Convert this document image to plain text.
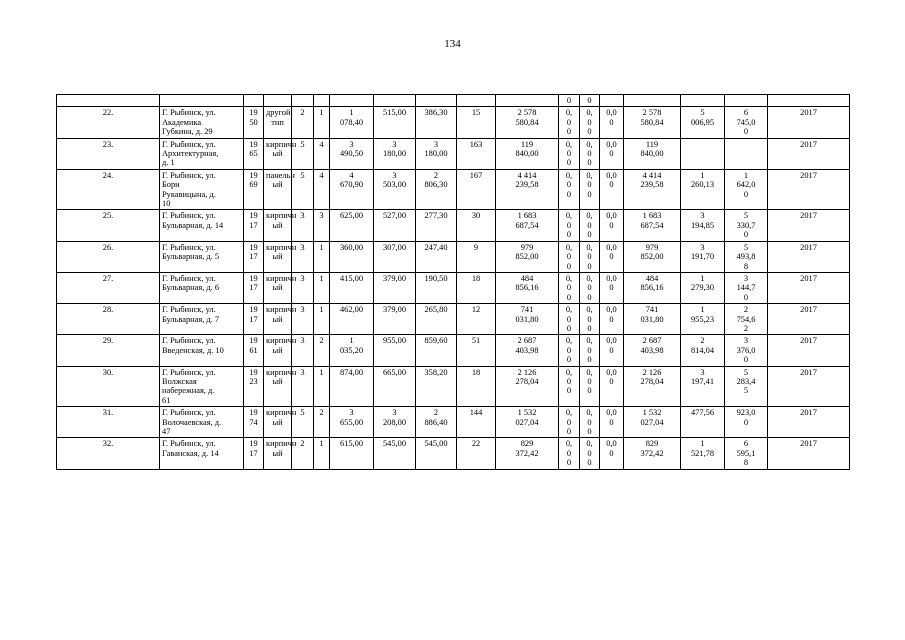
134
											0	0					
22.	Г. Рыбинск, ул.
Академика
Губкина, д. 29	19
50	другой
тип	2	1	1
078,40	515,00	386,30	15	2 578
580,84	0,
0
0	0,
0
0	0,0
0	2 578
580,84	5
006,95	6
745,0
0	2017
23.	Г. Рыбинск, ул.
Архитектурная,
д. 1	19
65	кирпичн
ый	5	4	3
490,50	3
180,00	3
180,00	163	119
840,00	0,
0
0	0,
0
0	0,0
0	119
840,00			2017
24.	Г. Рыбинск, ул.
Бори
Рукавицына, д.
10	19
69	панельн
ый	5	4	4
670,90	3
503,00	2
806,30	167	4 414
239,58	0,
0
0	0,
0
0	0,0
0	4 414
239,58	1
260,13	1
642,0
0	2017
25.	Г. Рыбинск, ул.
Бульварная, д. 14	19
17	кирпичн
ый	3	3	625,00	527,00	277,30	30	1 683
687,54	0,
0
0	0,
0
0	0,0
0	1 683
687,54	3
194,85	5
330,7
0	2017
26.	Г. Рыбинск, ул.
Бульварная, д. 5	19
17	кирпичн
ый	3	1	360,00	307,00	247,40	9	979
852,00	0,
0
0	0,
0
0	0,0
0	979
852,00	3
191,70	5
493,8
8	2017
27.	Г. Рыбинск, ул.
Бульварная, д. 6	19
17	кирпичн
ый	3	1	415,00	379,00	190,50	18	484
856,16	0,
0
0	0,
0
0	0,0
0	484
856,16	1
279,30	3
144,7
0	2017
28.	Г. Рыбинск, ул.
Бульварная, д. 7	19
17	кирпичн
ый	3	1	462,00	379,00	265,80	12	741
031,80	0,
0
0	0,
0
0	0,0
0	741
031,80	1
955,23	2
754,6
2	2017
29.	Г. Рыбинск, ул.
Введенская, д. 10	19
61	кирпичн
ый	3	2	1
035,20	955,00	859,60	51	2 687
403,98	0,
0
0	0,
0
0	0,0
0	2 687
403,98	2
814,04	3
376,0
0	2017
30.	Г. Рыбинск, ул.
Волжская
набережная, д.
61	19
23	кирпичн
ый	3	1	874,00	665,00	358,20	18	2 126
278,04	0,
0
0	0,
0
0	0,0
0	2 126
278,04	3
197,41	5
283,4
5	2017
31.	Г. Рыбинск, ул.
Волочаевская, д.
47	19
74	кирпичн
ый	5	2	3
655,00	3
208,00	2
886,40	144	1 532
027,04	0,
0
0	0,
0
0	0,0
0	1 532
027,04	477,56	923,0
0	2017
32.	Г. Рыбинск, ул.
Гаванская, д. 14	19
17	кирпичн
ый	2	1	615,00	545,00	545,00	22	829
372,42	0,
0
0	0,
0
0	0,0
0	829
372,42	1
521,78	6
595,1
8	2017
